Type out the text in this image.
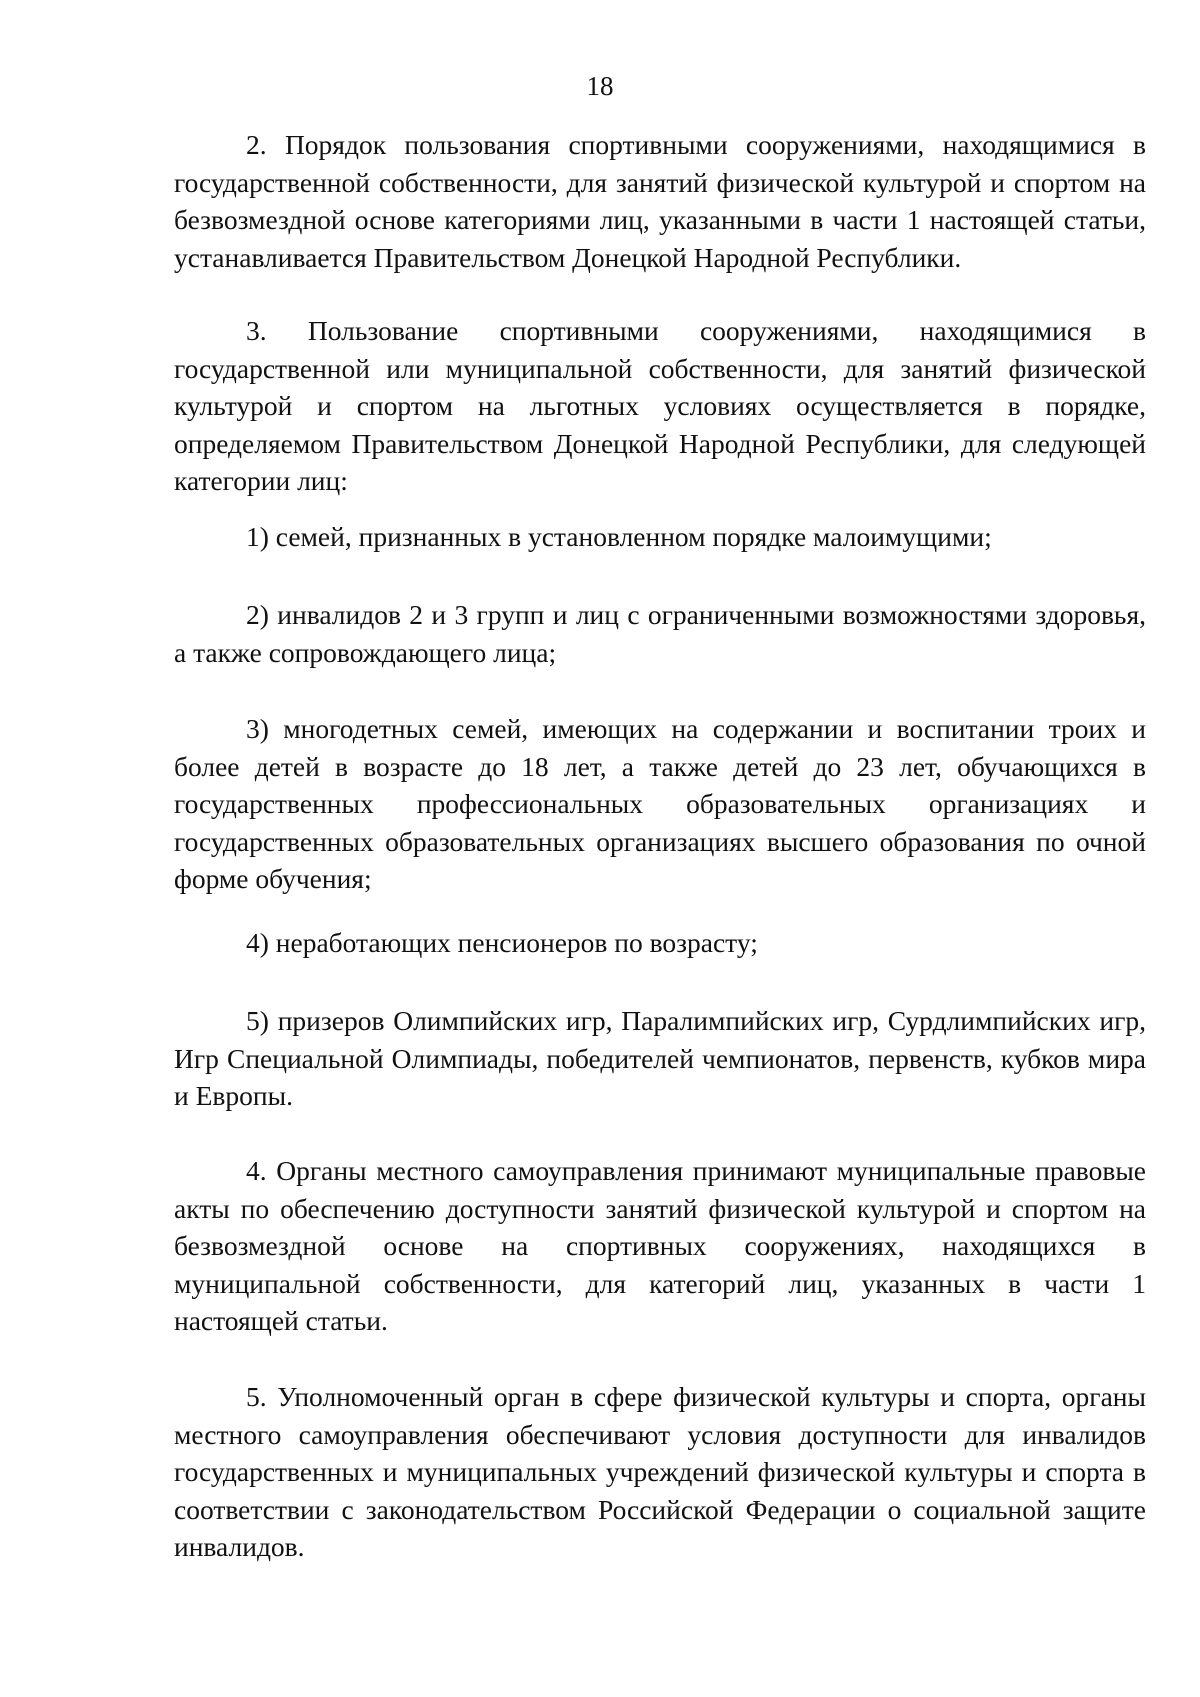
18

2. Порядок пользования спортивными сооружениями, находящимися в государственной собственности, для занятий физической культурой и спортом на безвозмездной основе категориями лиц, указанными в части 1 настоящей статьи, устанавливается Правительством Донецкой Народной Республики.

3. Пользование спортивными сооружениями, находящимися в государственной или муниципальной собственности, для занятий физической культурой и спортом на льготных условиях осуществляется в порядке, определяемом Правительством Донецкой Народной Республики, для следующей категории лиц:

1) семей, признанных в установленном порядке малоимущими;

2) инвалидов 2 и 3 групп и лиц с ограниченными возможностями здоровья, а также сопровождающего лица;

3) многодетных семей, имеющих на содержании и воспитании троих и более детей в возрасте до 18 лет, а также детей до 23 лет, обучающихся в государственных профессиональных образовательных организациях и государственных образовательных организациях высшего образования по очной форме обучения;

4) неработающих пенсионеров по возрасту;

5) призеров Олимпийских игр, Паралимпийских игр, Сурдлимпийских игр, Игр Специальной Олимпиады, победителей чемпионатов, первенств, кубков мира и Европы.

4. Органы местного самоуправления принимают муниципальные правовые акты по обеспечению доступности занятий физической культурой и спортом на безвозмездной основе на спортивных сооружениях, находящихся в муниципальной собственности, для категорий лиц, указанных в части 1 настоящей статьи.

5. Уполномоченный орган в сфере физической культуры и спорта, органы местного самоуправления обеспечивают условия доступности для инвалидов государственных и муниципальных учреждений физической культуры и спорта в соответствии с законодательством Российской Федерации о социальной защите инвалидов.
